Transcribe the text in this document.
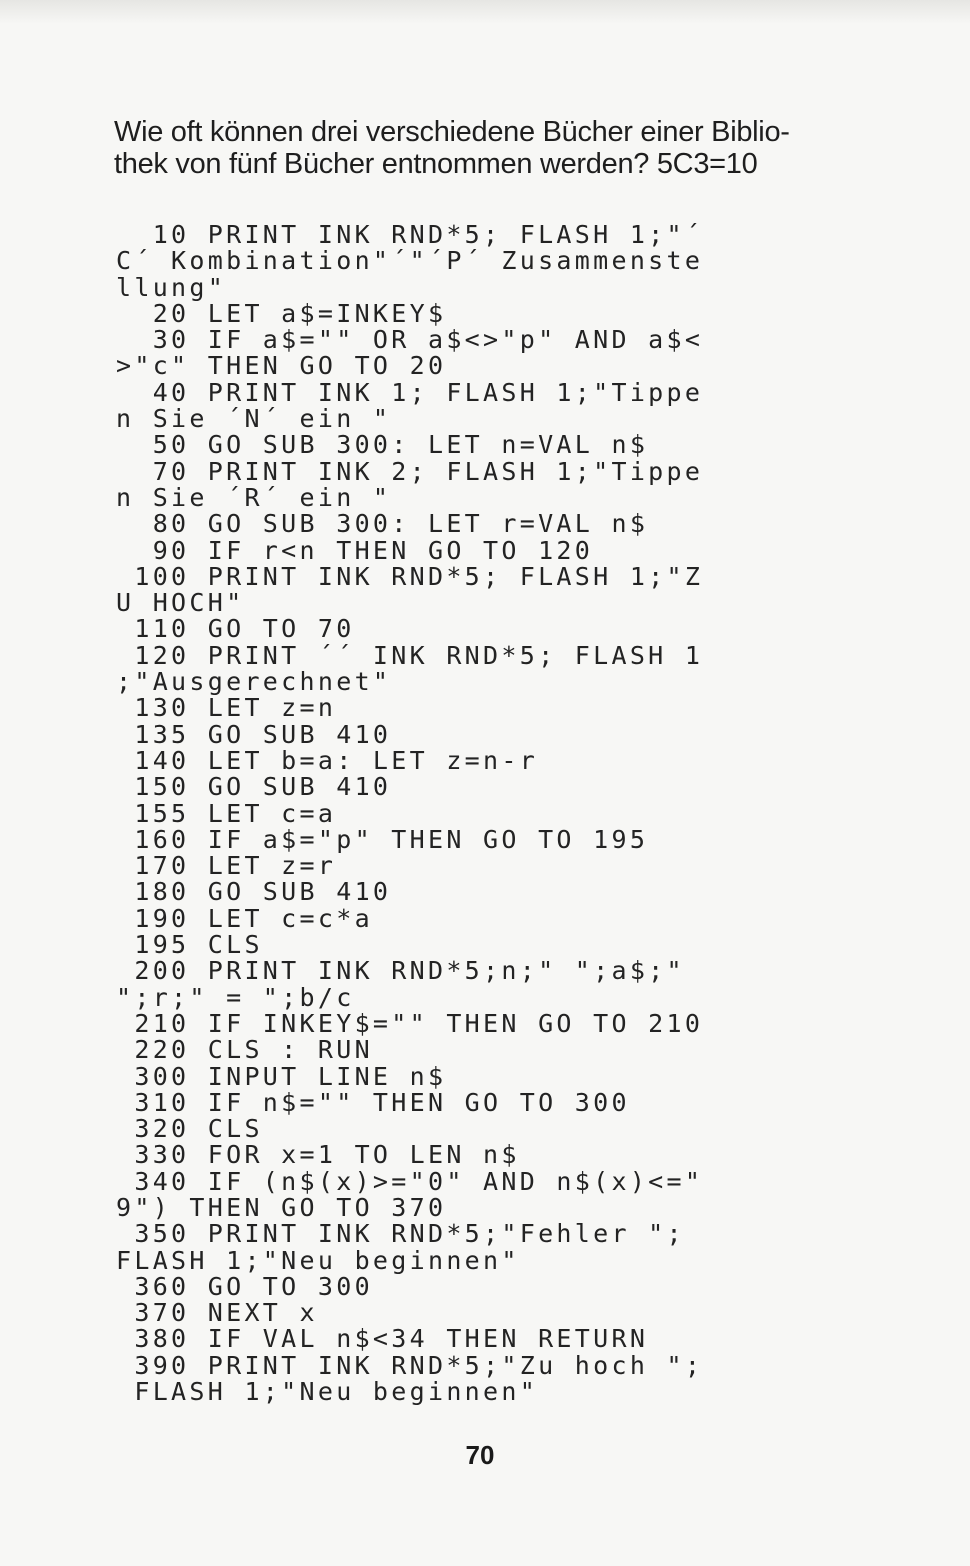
Wie oft können drei verschiedene Bücher einer Biblio-
thek von fünf Bücher entnommen werden? 5C3=10
10 PRINT INK RND*5; FLASH 1;"´
C´ Kombination"´"´P´ Zusammenste
llung"
20 LET a$=INKEY$
30 IF a$="" OR a$<>"p" AND a$<
>"c" THEN GO TO 20
40 PRINT INK 1; FLASH 1;"Tippe
n Sie ´N´ ein "
50 GO SUB 300: LET n=VAL n$
70 PRINT INK 2; FLASH 1;"Tippe
n Sie ´R´ ein "
80 GO SUB 300: LET r=VAL n$
90 IF r<n THEN GO TO 120
100 PRINT INK RND*5; FLASH 1;"Z
U HOCH"
110 GO TO 70
120 PRINT ´´ INK RND*5; FLASH 1
;"Ausgerechnet"
130 LET z=n
135 GO SUB 410
140 LET b=a: LET z=n-r
150 GO SUB 410
155 LET c=a
160 IF a$="p" THEN GO TO 195
170 LET z=r
180 GO SUB 410
190 LET c=c*a
195 CLS
200 PRINT INK RND*5;n;" ";a$;"
";r;" = ";b/c
210 IF INKEY$="" THEN GO TO 210
220 CLS : RUN
300 INPUT LINE n$
310 IF n$="" THEN GO TO 300
320 CLS
330 FOR x=1 TO LEN n$
340 IF (n$(x)>="0" AND n$(x)<="
9") THEN GO TO 370
350 PRINT INK RND*5;"Fehler ";
FLASH 1;"Neu beginnen"
360 GO TO 300
370 NEXT x
380 IF VAL n$<34 THEN RETURN
390 PRINT INK RND*5;"Zu hoch ";
FLASH 1;"Neu beginnen"
70
